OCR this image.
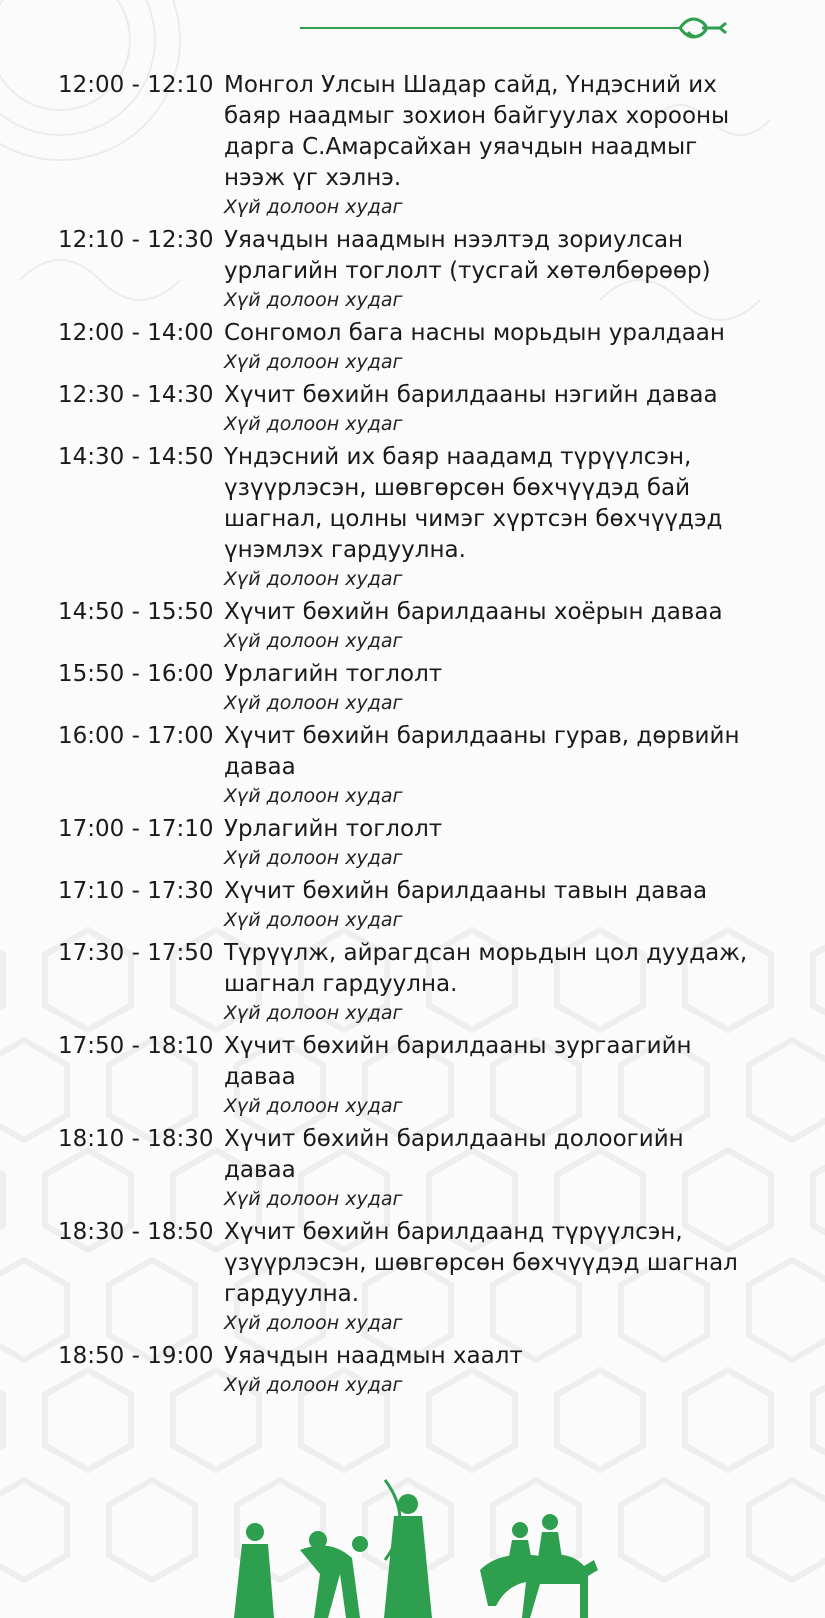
12:00 - 12:10 Монгол Улсын Шадар сайд, Үндэсний их баяр наадмыг зохион байгуулах хорооны дарга С.Амарсайхан уяачдын наадмыг нээж үг хэлнэ.
Хүй долоон худаг
12:10 - 12:30 Уяачдын наадмын нээлтэд зориулсан урлагийн тоглолт (тусгай хөтөлбөрөөр)
Хүй долоон худаг
12:00 - 14:00 Сонгомол бага насны морьдын уралдаан
Хүй долоон худаг
12:30 - 14:30 Хүчит бөхийн барилдааны нэгийн даваа
Хүй долоон худаг
14:30 - 14:50 Үндэсний их баяр наадамд түрүүлсэн, үзүүрлэсэн, шөвгөрсөн бөхчүүдэд бай шагнал, цолны чимэг хүртсэн бөхчүүдэд үнэмлэх гардуулна.
Хүй долоон худаг
14:50 - 15:50 Хүчит бөхийн барилдааны хоёрын даваа
Хүй долоон худаг
15:50 - 16:00 Урлагийн тоглолт
Хүй долоон худаг
16:00 - 17:00 Хүчит бөхийн барилдааны гурав, дөрвийн даваа
Хүй долоон худаг
17:00 - 17:10 Урлагийн тоглолт
Хүй долоон худаг
17:10 - 17:30 Хүчит бөхийн барилдааны тавын даваа
Хүй долоон худаг
17:30 - 17:50 Түрүүлж, айрагдсан морьдын цол дуудаж, шагнал гардуулна.
Хүй долоон худаг
17:50 - 18:10 Хүчит бөхийн барилдааны зургаагийн даваа
Хүй долоон худаг
18:10 - 18:30 Хүчит бөхийн барилдааны долоогийн даваа
Хүй долоон худаг
18:30 - 18:50 Хүчит бөхийн барилдаанд түрүүлсэн, үзүүрлэсэн, шөвгөрсөн бөхчүүдэд шагнал гардуулна.
Хүй долоон худаг
18:50 - 19:00 Уяачдын наадмын хаалт
Хүй долоон худаг
